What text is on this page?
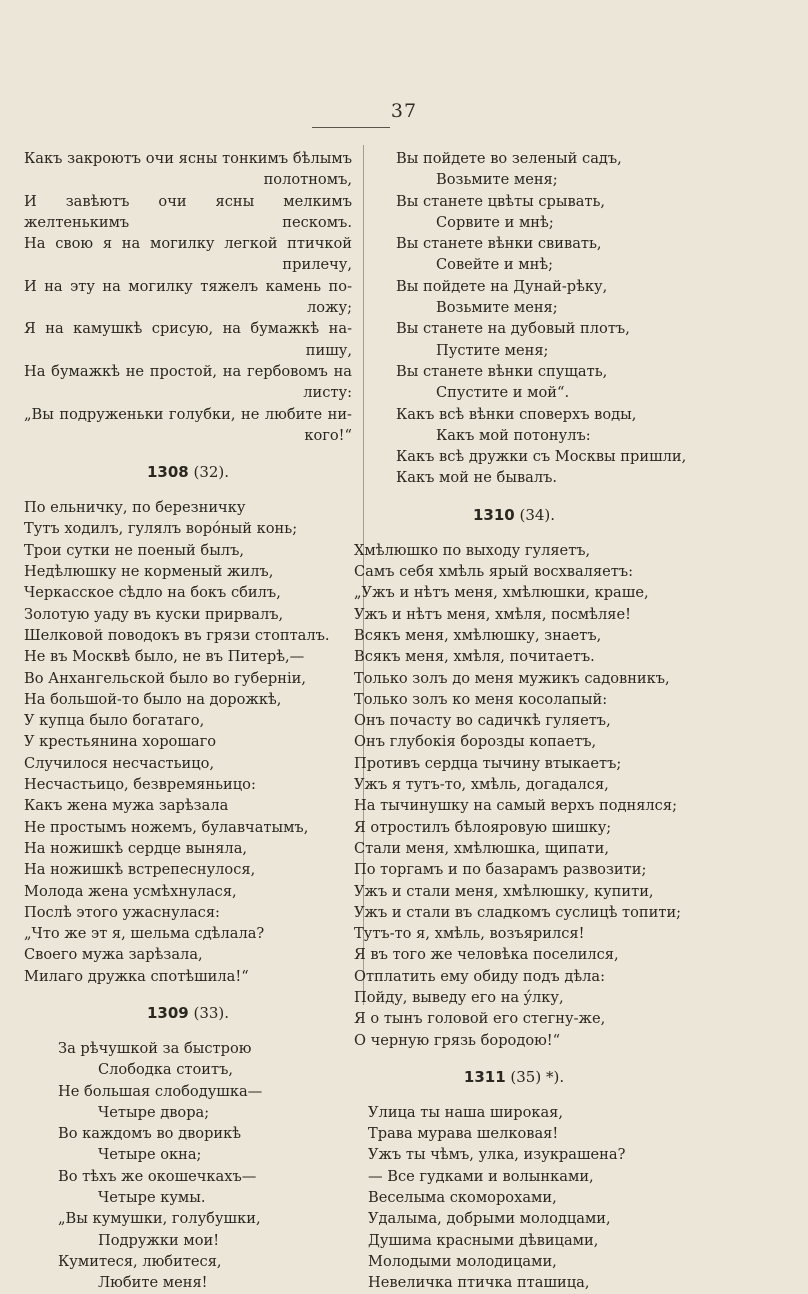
37
Какъ закроютъ очи ясны тонкимъ бѣлымъ
полотномъ,
И завѣютъ очи ясны мелкимъ желтенькимъ	пескомъ.
На свою я на могилку легкой птичкой
прилечу,
И на эту на могилку тяжелъ камень по-
ложу;
Я на камушкѣ срисую, на бумажкѣ на-
пишу,
На бумажкѣ не простой, на гербовомъ на
листу:
„Вы подруженьки голубки, не любите ни-
кого!“
1308 (32).
По ельничку, по березничку
Тутъ ходилъ, гулялъ ворóный конь;
Трои сутки не поеный былъ,
Недѣлюшку не корменый жилъ,
Черкасское сѣдло на бокъ сбилъ,
Золотую уаду въ куски прирвалъ,
Шелковой поводокъ въ грязи стопталъ.
Не въ Москвѣ было, не въ Питерѣ,—
Во Анхангельской было во губерніи,
На большой-то было на дорожкѣ,
У купца было богатаго,
У крестьянина хорошаго
Случилося несчастьицо,
Несчастьицо, безвремяньицо:
Какъ жена мужа зарѣзала
Не простымъ ножемъ, булавчатымъ,
На ножишкѣ сердце выняла,
На ножишкѣ встрепеснулося,
Молода жена усмѣхнулася,
Послѣ этого ужаснулася:
„Что же эт я, шельма сдѣлала?
Своего мужа зарѣзала,
Милаго дружка спотѣшила!“
1309 (33).
За рѣчушкой за быстрою
Слободка стоитъ,
Не большая слободушка—
Четыре двора;
Во каждомъ во дворикѣ
Четыре окна;
Во тѣхъ же окошечкахъ—
Четыре кумы.
„Вы кумушки, голубушки,
Подружки мои!
Кумитеся, любитеся,
Любите меня!
Вы пойдете во зеленый садъ,
Возьмите меня;
Вы станете цвѣты срывать,
Сорвите и мнѣ;
Вы станете вѣнки свивать,
Совейте и мнѣ;
Вы пойдете на Дунай-рѣку,
Возьмите меня;
Вы станете на дубовый плотъ,
Пустите меня;
Вы станете вѣнки спущать,
Спустите и мой“.
Какъ всѣ вѣнки споверхъ воды,
Какъ мой потонулъ:
Какъ всѣ дружки съ Москвы пришли,
Какъ мой не бывалъ.
1310 (34).
Хмѣлюшко по выходу гуляетъ,
Самъ себя хмѣль ярый восхваляетъ:
„Ужъ и нѣтъ меня, хмѣлюшки, краше,
Ужъ и нѣтъ меня, хмѣля, посмѣляе!
Всякъ меня, хмѣлюшку, знаетъ,
Всякъ меня, хмѣля, почитаетъ.
Только золъ до меня мужикъ садовникъ,
Только золъ ко меня косолапый:
Онъ почасту во садичкѣ гуляетъ,
Онъ глубокія борозды копаетъ,
Противъ сердца тычину втыкаетъ;
Ужъ я тутъ-то, хмѣль, догадался,
На тычинушку на самый верхъ поднялся;
Я отростилъ бѣлояровую шишку;
Стали меня, хмѣлюшка, щипати,
По торгамъ и по базарамъ развозити;
Ужъ и стали меня, хмѣлюшку, купити,
Ужъ и стали въ сладкомъ суслицѣ топити;
Тутъ-то я, хмѣль, возъярился!
Я въ того же человѣка поселился,
Отплатить ему обиду подъ дѣла:
Пойду, выведу его на ýлку,
Я о тынъ головой его стегну-же,
О черную грязь бородою!“
1311 (35) *).
Улица ты наша широкая,
Трава мурава шелковая!
Ужъ ты чѣмъ, улка, изукрашена?
— Все гудками и волынками,
Веселыма скоморохами,
Удалыма, добрыми молодцами,
Душима красными дѣвицами,
Молодыми молодицами,
Невеличка птичка пташица,
